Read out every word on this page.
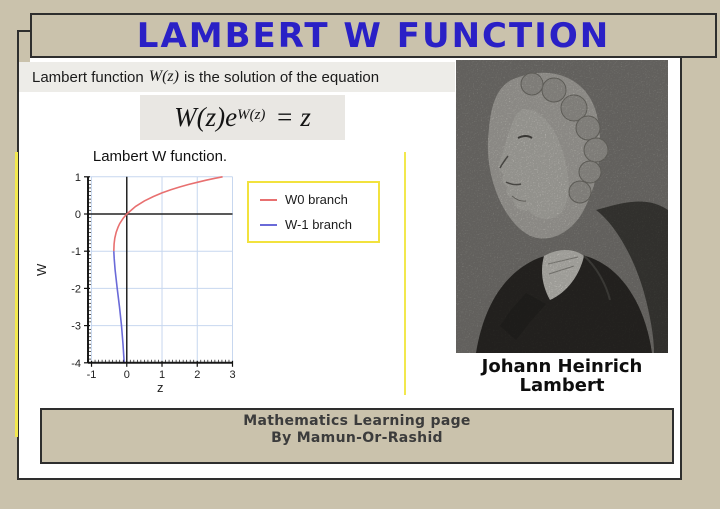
LAMBERT W FUNCTION
Lambert function W(z) is the solution of the equation
$W(z)e^{W(z)} = z$
Lambert W function.
-1 0	1	2	3
-4
-3
-2
-1
0
1
z
W
W0 branch
W-1 branch
Johann Heinrich
Lambert
Mathematics Learning page
By Mamun-Or-Rashid
